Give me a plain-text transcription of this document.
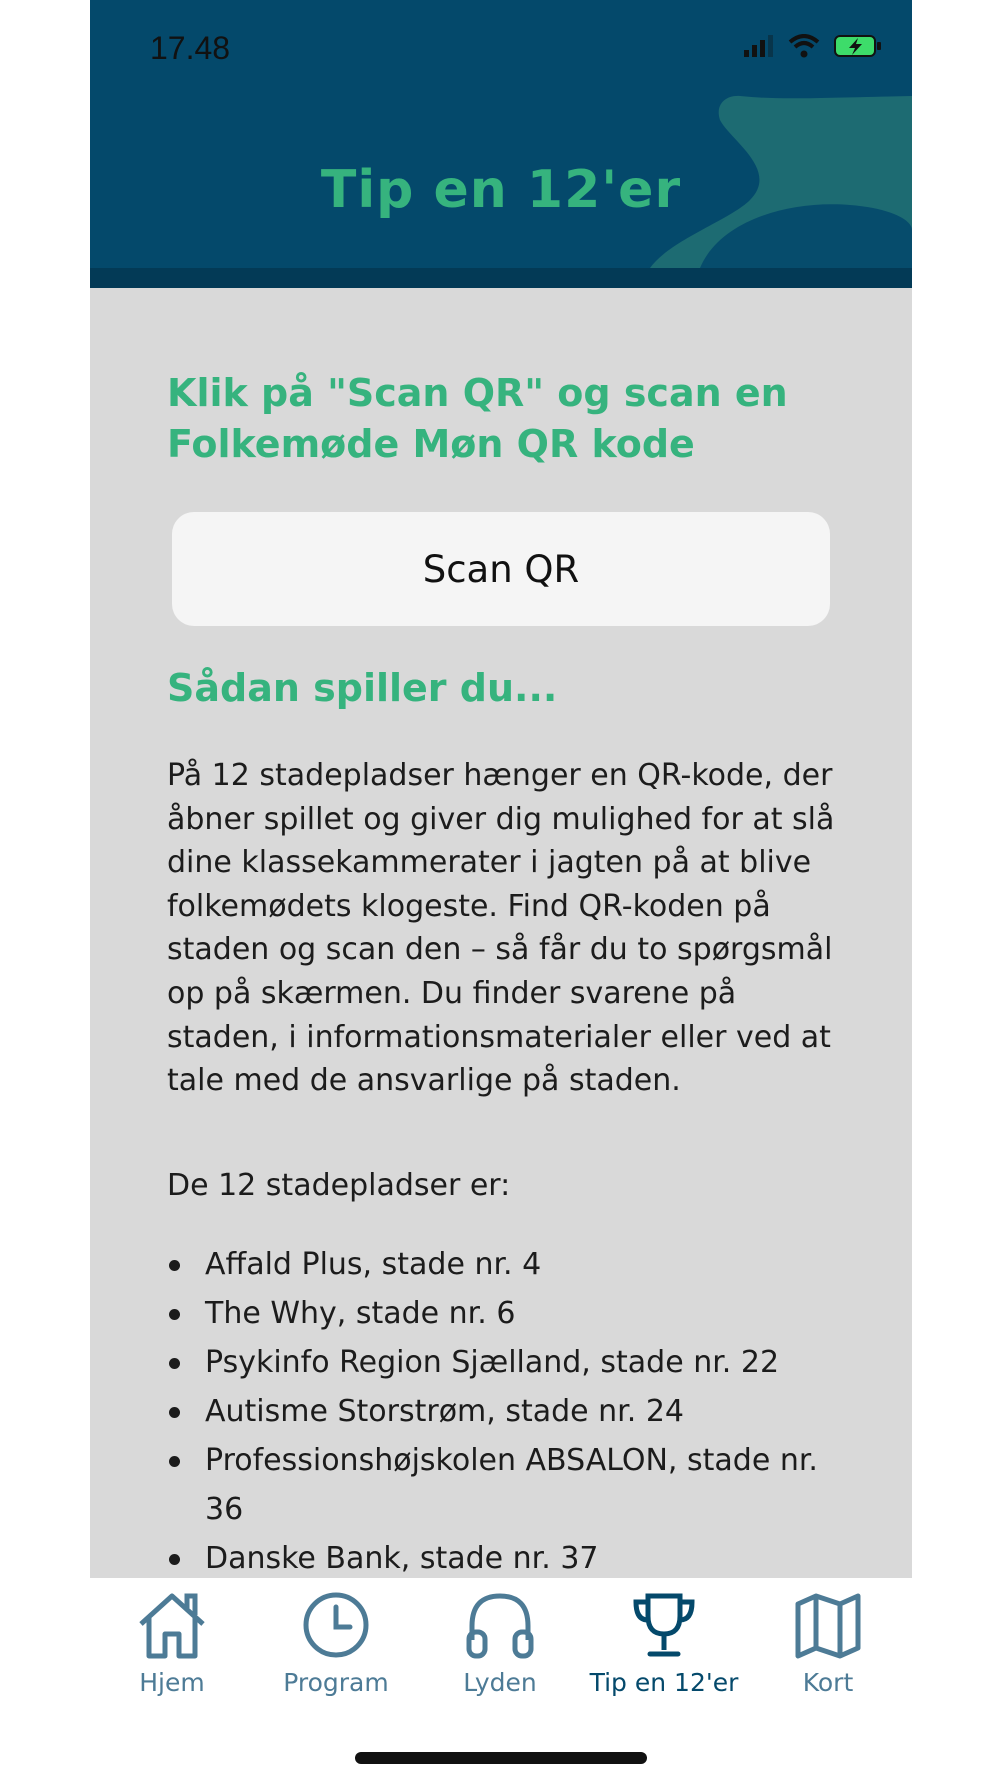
17.48
Tip en 12'er
Klik på "Scan QR" og scan en Folkemøde Møn QR kode
Scan QR
Sådan spiller du...
På 12 stadepladser hænger en QR-kode, der åbner spillet og giver dig mulighed for at slå dine klassekammerater i jagten på at blive folkemødets klogeste. Find QR-koden på staden og scan den – så får du to spørgsmål op på skærmen. Du finder svarene på staden, i informationsmaterialer eller ved at tale med de ansvarlige på staden.
De 12 stadepladser er:
Affald Plus, stade nr. 4
The Why, stade nr. 6
Psykinfo Region Sjælland, stade nr. 22
Autisme Storstrøm, stade nr. 24
Professionshøjskolen ABSALON, stade nr. 36
Danske Bank, stade nr. 37
Hjem	Program	Lyden	Tip en 12'er	Kort
